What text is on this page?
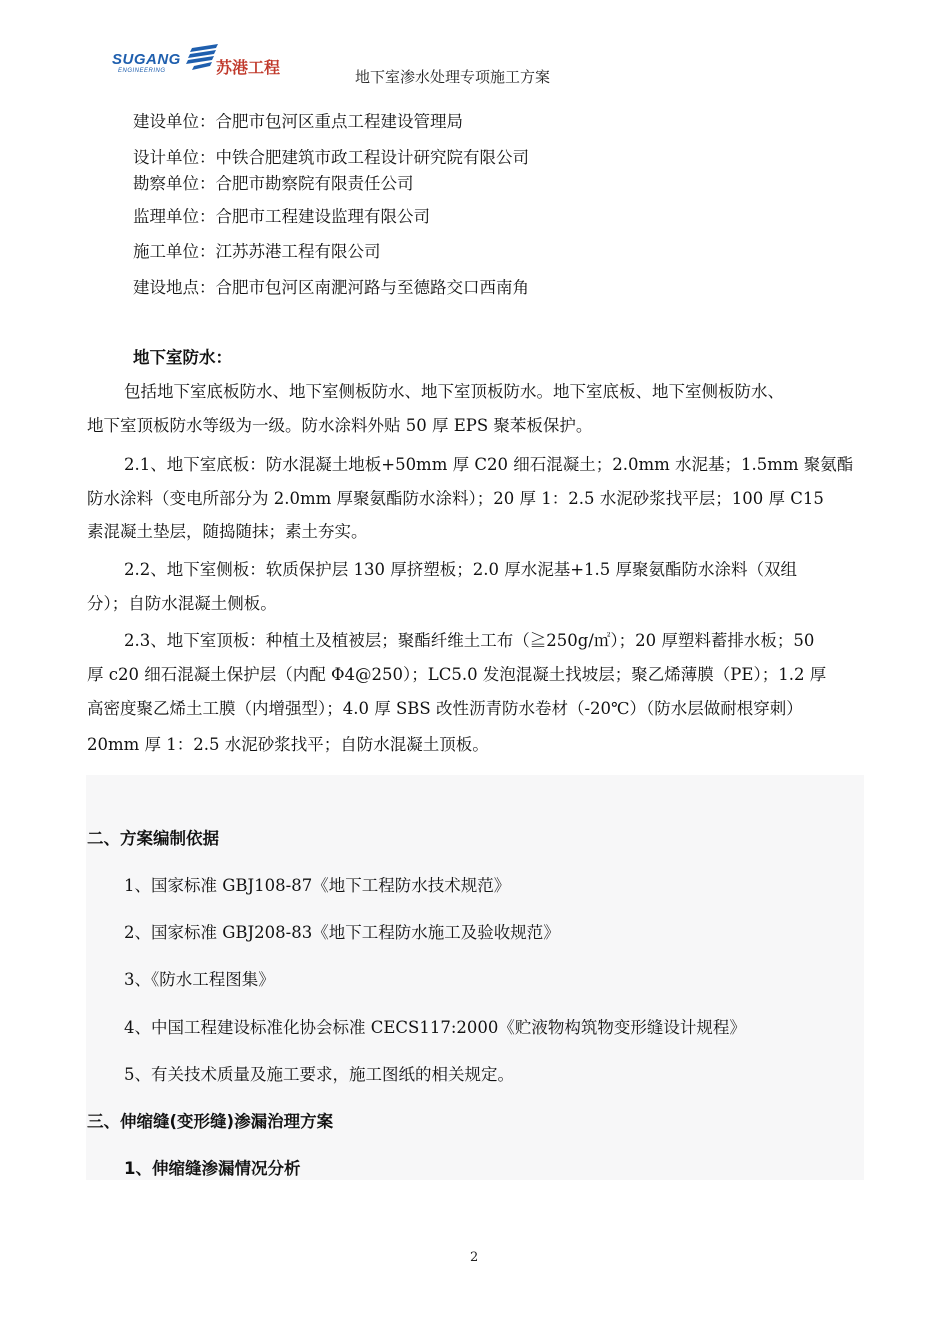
SUGANG
ENGINEERING	苏港工程	地下室渗水处理专项施工方案
建设单位：合肥市包河区重点工程建设管理局
设计单位：中铁合肥建筑市政工程设计研究院有限公司
勘察单位：合肥市勘察院有限责任公司
监理单位：合肥市工程建设监理有限公司
施工单位：江苏苏港工程有限公司
建设地点：合肥市包河区南淝河路与至德路交口西南角
地下室防水：
包括地下室底板防水、地下室侧板防水、地下室顶板防水。地下室底板、地下室侧板防水、
地下室顶板防水等级为一级。防水涂料外贴 50 厚 EPS 聚苯板保护。
2.1、地下室底板：防水混凝土地板+50mm 厚 C20 细石混凝土；2.0mm 水泥基；1.5mm 聚氨酯
防水涂料（变电所部分为 2.0mm 厚聚氨酯防水涂料）；20 厚 1：2.5 水泥砂浆找平层；100 厚 C15
素混凝土垫层，随捣随抹；素土夯实。
2.2、地下室侧板：软质保护层 130 厚挤塑板；2.0 厚水泥基+1.5 厚聚氨酯防水涂料（双组
分）；自防水混凝土侧板。
2.3、地下室顶板：种植土及植被层；聚酯纤维土工布（≧250g/㎡）；20 厚塑料蓄排水板；50
厚 c20 细石混凝土保护层（内配 Φ4@250）；LC5.0 发泡混凝土找坡层；聚乙烯薄膜（PE）；1.2 厚
高密度聚乙烯土工膜（内增强型）；4.0 厚 SBS 改性沥青防水卷材（-20℃）（防水层做耐根穿刺）
20mm 厚 1：2.5 水泥砂浆找平；自防水混凝土顶板。
二、方案编制依据
1、国家标准 GBJ108-87《地下工程防水技术规范》
2、国家标准 GBJ208-83《地下工程防水施工及验收规范》
3、《防水工程图集》
4、中国工程建设标准化协会标准 CECS117:2000《贮液物构筑物变形缝设计规程》
5、有关技术质量及施工要求，施工图纸的相关规定。
三、伸缩缝(变形缝)渗漏治理方案
1、伸缩缝渗漏情况分析
2
